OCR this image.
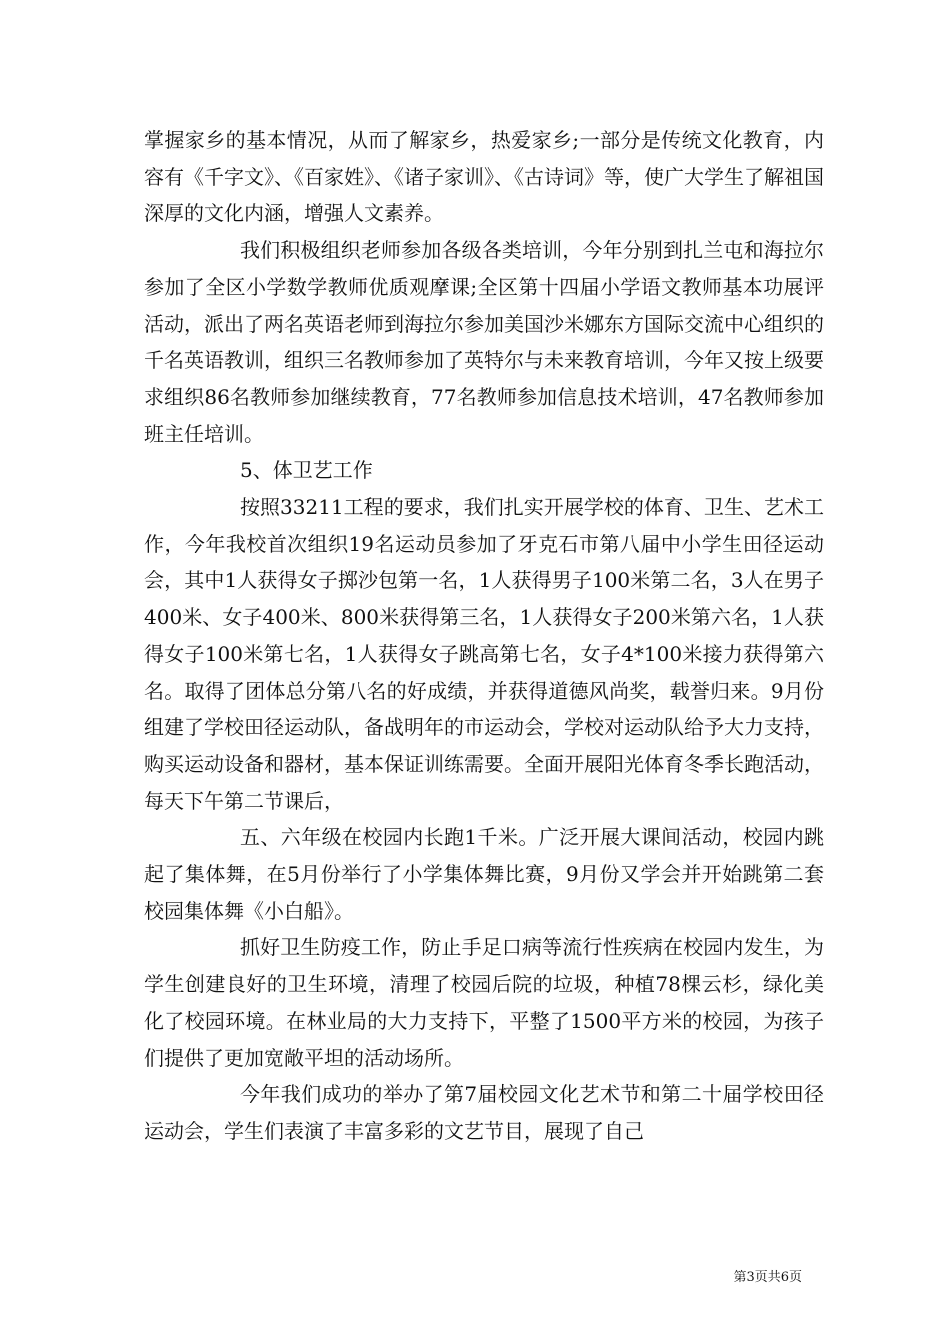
掌握家乡的基本情况，从而了解家乡，热爱家乡;一部分是传统文化教育，内容有《千字文》、《百家姓》、《诸子家训》、《古诗词》等，使广大学生了解祖国深厚的文化内涵，增强人文素养。

我们积极组织老师参加各级各类培训，今年分别到扎兰屯和海拉尔参加了全区小学数学教师优质观摩课;全区第十四届小学语文教师基本功展评活动，派出了两名英语老师到海拉尔参加美国沙米娜东方国际交流中心组织的千名英语教训，组织三名教师参加了英特尔与未来教育培训，今年又按上级要求组织86名教师参加继续教育，77名教师参加信息技术培训，47名教师参加班主任培训。

5、体卫艺工作

按照33211工程的要求，我们扎实开展学校的体育、卫生、艺术工作，今年我校首次组织19名运动员参加了牙克石市第八届中小学生田径运动会，其中1人获得女子掷沙包第一名，1人获得男子100米第二名，3人在男子400米、女子400米、800米获得第三名，1人获得女子200米第六名，1人获得女子100米第七名，1人获得女子跳高第七名，女子4*100米接力获得第六名。取得了团体总分第八名的好成绩，并获得道德风尚奖，载誉归来。9月份组建了学校田径运动队，备战明年的市运动会，学校对运动队给予大力支持，购买运动设备和器材，基本保证训练需要。全面开展阳光体育冬季长跑活动，每天下午第二节课后，

五、六年级在校园内长跑1千米。广泛开展大课间活动，校园内跳起了集体舞，在5月份举行了小学集体舞比赛，9月份又学会并开始跳第二套校园集体舞《小白船》。

抓好卫生防疫工作，防止手足口病等流行性疾病在校园内发生，为学生创建良好的卫生环境，清理了校园后院的垃圾，种植78棵云杉，绿化美化了校园环境。在林业局的大力支持下，平整了1500平方米的校园，为孩子们提供了更加宽敞平坦的活动场所。

今年我们成功的举办了第7届校园文化艺术节和第二十届学校田径运动会，学生们表演了丰富多彩的文艺节目，展现了自己

第3页共6页
